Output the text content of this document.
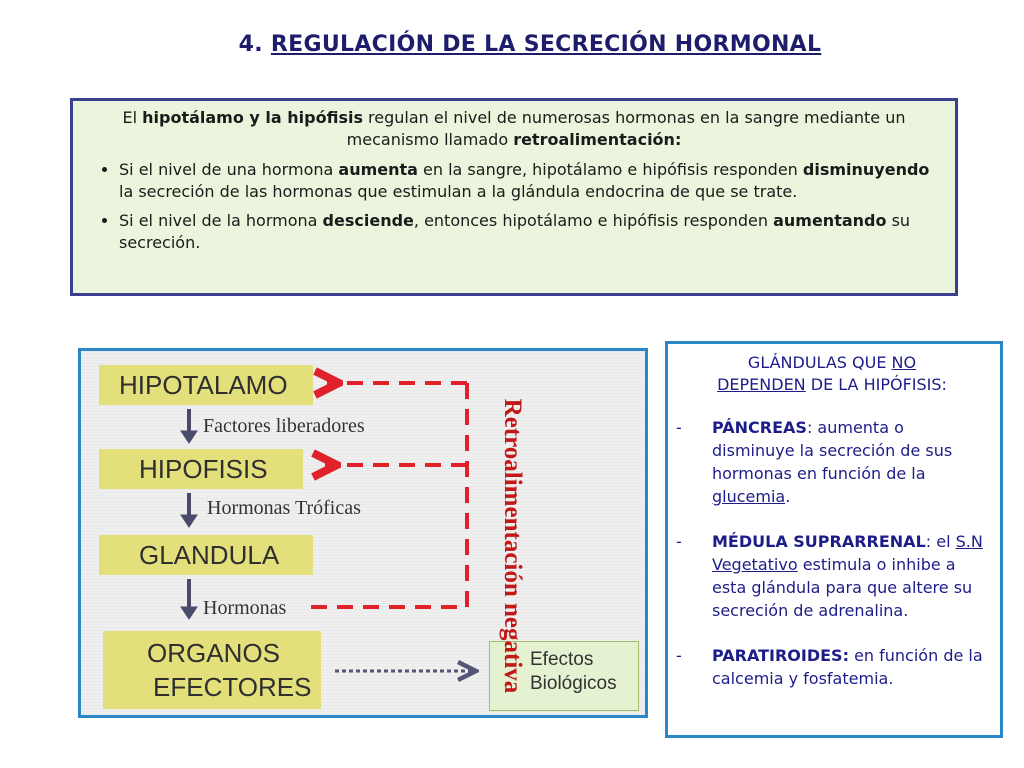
4. REGULACIÓN DE LA SECRECIÓN HORMONAL

El hipotálamo y la hipófisis regulan el nivel de numerosas hormonas en la sangre mediante un mecanismo llamado retroalimentación:

• Si el nivel de una hormona aumenta en la sangre, hipotálamo e hipófisis responden disminuyendo la secreción de las hormonas que estimulan a la glándula endocrina de que se trate.
• Si el nivel de la hormona desciende, entonces hipotálamo e hipófisis responden aumentando su secreción.
HIPOTALAMO
HIPOFISIS
GLANDULA
ORGANOS
EFECTORES
Factores liberadores
Hormonas Tróficas
Hormonas
Efectos
Biológicos
Retroalimentación negativa
GLÁNDULAS QUE NO
DEPENDEN DE LA HIPÓFISIS:
-	PÁNCREAS: aumenta o disminuye la secreción de sus hormonas en función de la glucemia.
-	MÉDULA SUPRARRENAL: el S.N Vegetativo estimula o inhibe a esta glándula para que altere su secreción de adrenalina.
-	PARATIROIDES: en función de la calcemia y fosfatemia.
